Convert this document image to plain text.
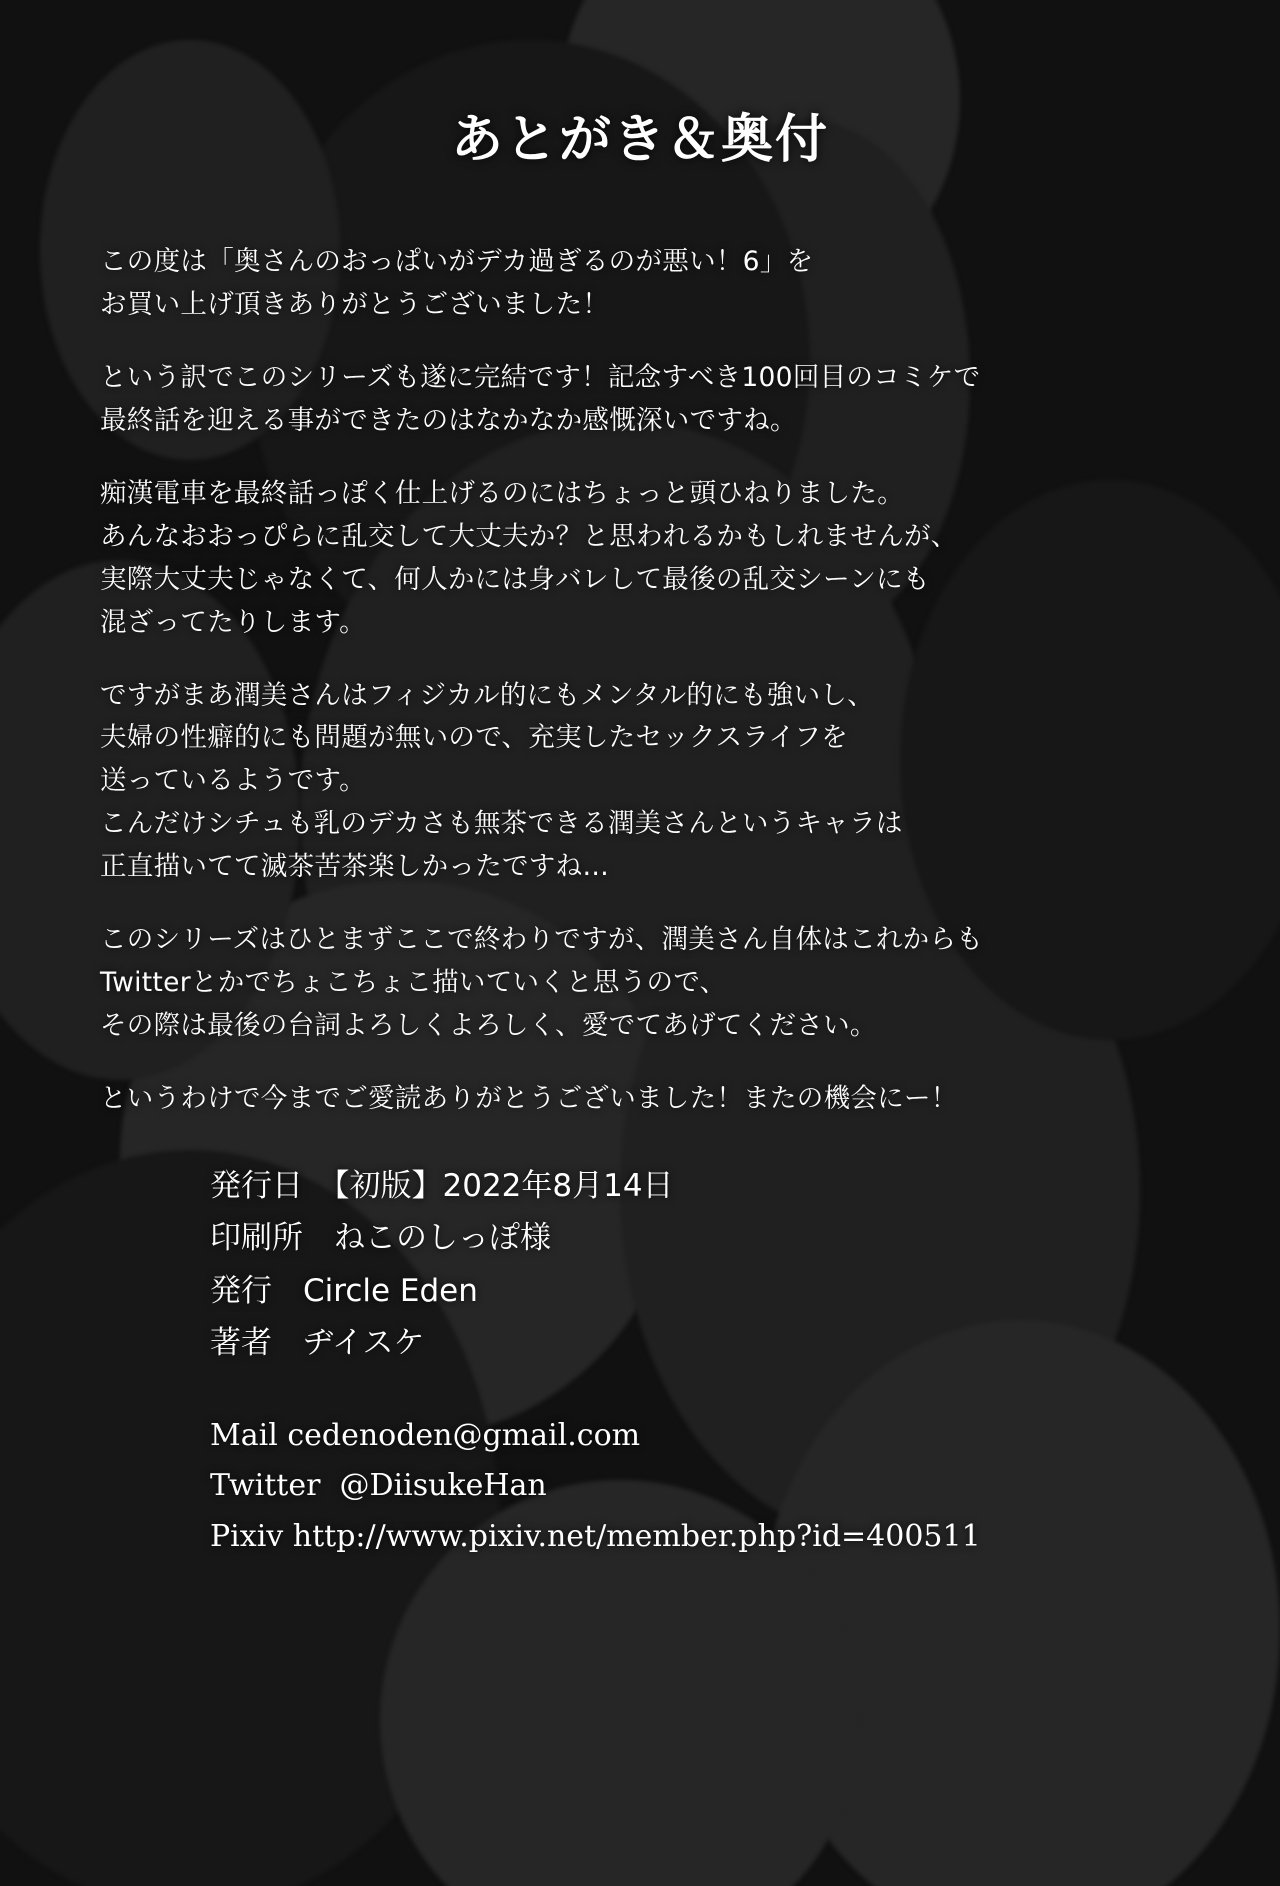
あとがき＆奥付
この度は「奥さんのおっぱいがデカ過ぎるのが悪い！6」を
お買い上げ頂きありがとうございました！
という訳でこのシリーズも遂に完結です！記念すべき100回目のコミケで
最終話を迎える事ができたのはなかなか感慨深いですね。
痴漢電車を最終話っぽく仕上げるのにはちょっと頭ひねりました。
あんなおおっぴらに乱交して大丈夫か？と思われるかもしれませんが、
実際大丈夫じゃなくて、何人かには身バレして最後の乱交シーンにも
混ざってたりします。
ですがまあ潤美さんはフィジカル的にもメンタル的にも強いし、
夫婦の性癖的にも問題が無いので、充実したセックスライフを
送っているようです。
こんだけシチュも乳のデカさも無茶できる潤美さんというキャラは
正直描いてて滅茶苦茶楽しかったですね…
このシリーズはひとまずここで終わりですが、潤美さん自体はこれからも
Twitterとかでちょこちょこ描いていくと思うので、
その際は最後の台詞よろしくよろしく、愛でてあげてください。
というわけで今までご愛読ありがとうございました！またの機会にー！
発行日　【初版】2022年8月14日
印刷所　ねこのしっぽ様
発行　Circle Eden
著者　ヂイスケ
Mail cedenoden@gmail.com
Twitter  @DiisukeHan
Pixiv http://www.pixiv.net/member.php?id=400511
